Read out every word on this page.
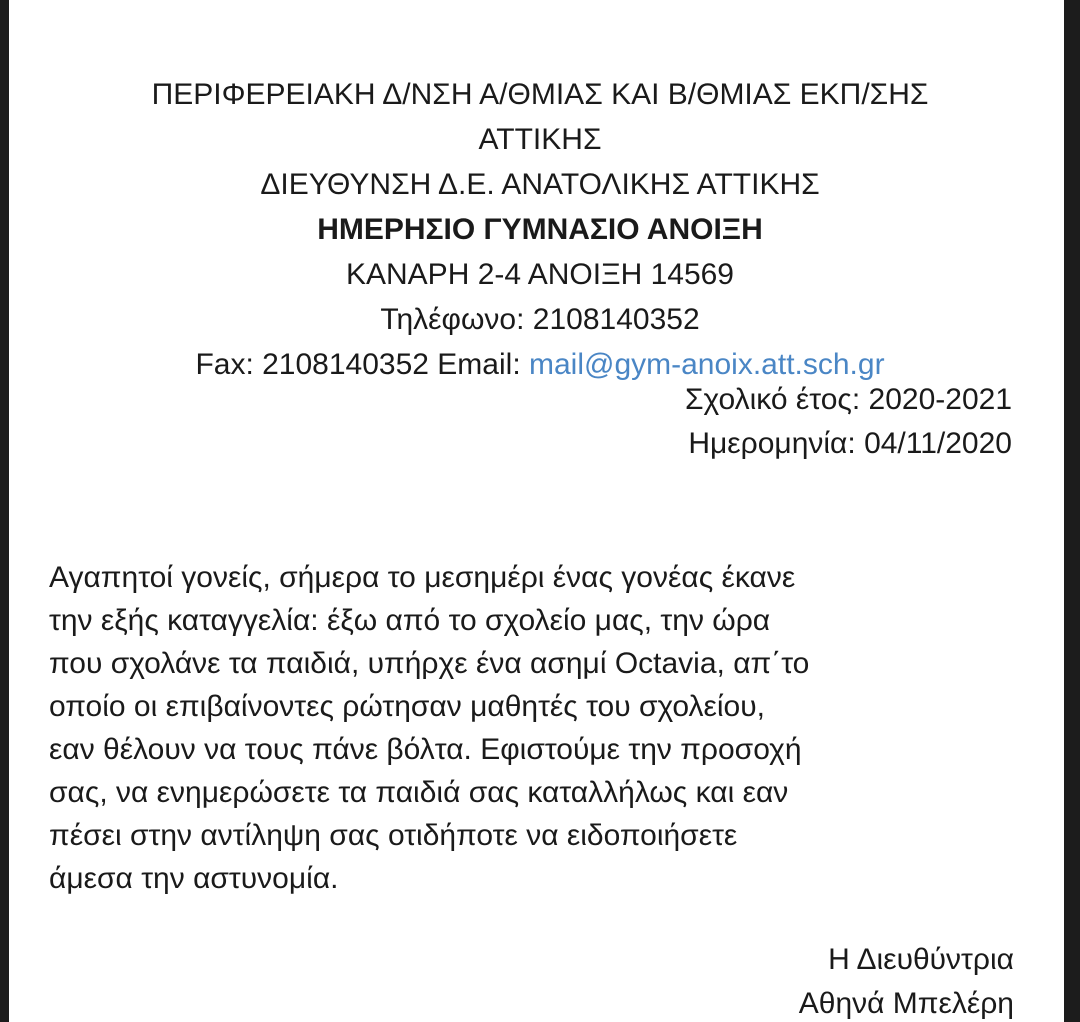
ΠΕΡΙΦΕΡΕΙΑΚΗ Δ/ΝΣΗ Α/ΘΜΙΑΣ ΚΑΙ Β/ΘΜΙΑΣ ΕΚΠ/ΣΗΣ
ΑΤΤΙΚΗΣ
ΔΙΕΥΘΥΝΣΗ Δ.Ε. ΑΝΑΤΟΛΙΚΗΣ ΑΤΤΙΚΗΣ
ΗΜΕΡΗΣΙΟ ΓΥΜΝΑΣΙΟ ΑΝΟΙΞΗ
ΚΑΝΑΡΗ 2-4 ΑΝΟΙΞΗ 14569
Τηλέφωνο: 2108140352
Fax: 2108140352 Email: mail@gym-anoix.att.sch.gr
Σχολικό έτος: 2020-2021
Ημερομηνία: 04/11/2020
Αγαπητοί γονείς, σήμερα το μεσημέρι ένας γονέας έκανε
την εξής καταγγελία: έξω από το σχολείο μας, την ώρα
που σχολάνε τα παιδιά, υπήρχε ένα ασημί Octavia, απ΄το
οποίο οι επιβαίνοντες ρώτησαν μαθητές του σχολείου,
εαν θέλουν να τους πάνε βόλτα. Εφιστούμε την προσοχή
σας, να ενημερώσετε τα παιδιά σας καταλλήλως και εαν
πέσει στην αντίληψη σας οτιδήποτε να ειδοποιήσετε
άμεσα την αστυνομία.
Η Διευθύντρια
Αθηνά Μπελέρη
